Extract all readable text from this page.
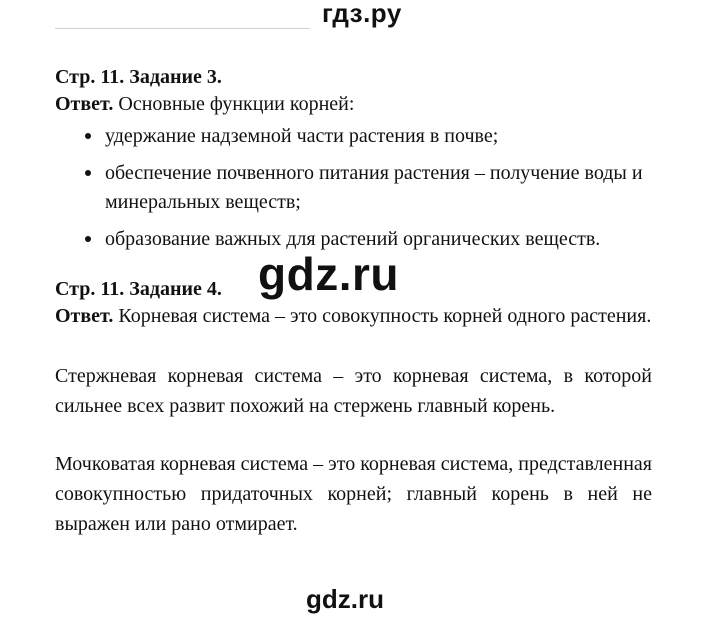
гдз.ру
Стр. 11. Задание 3.
Ответ. Основные функции корней:
удержание надземной части растения в почве;
обеспечение почвенного питания растения – получение воды и минеральных веществ;
образование важных для растений органических веществ.
gdz.ru
Стр. 11. Задание 4.
Ответ. Корневая система – это совокупность корней одного растения.
Стержневая корневая система – это корневая система, в которой сильнее всех развит похожий на стержень главный корень.
Мочковатая корневая система – это корневая система, представленная совокупностью придаточных корней; главный корень в ней не выражен или рано отмирает.
gdz.ru
